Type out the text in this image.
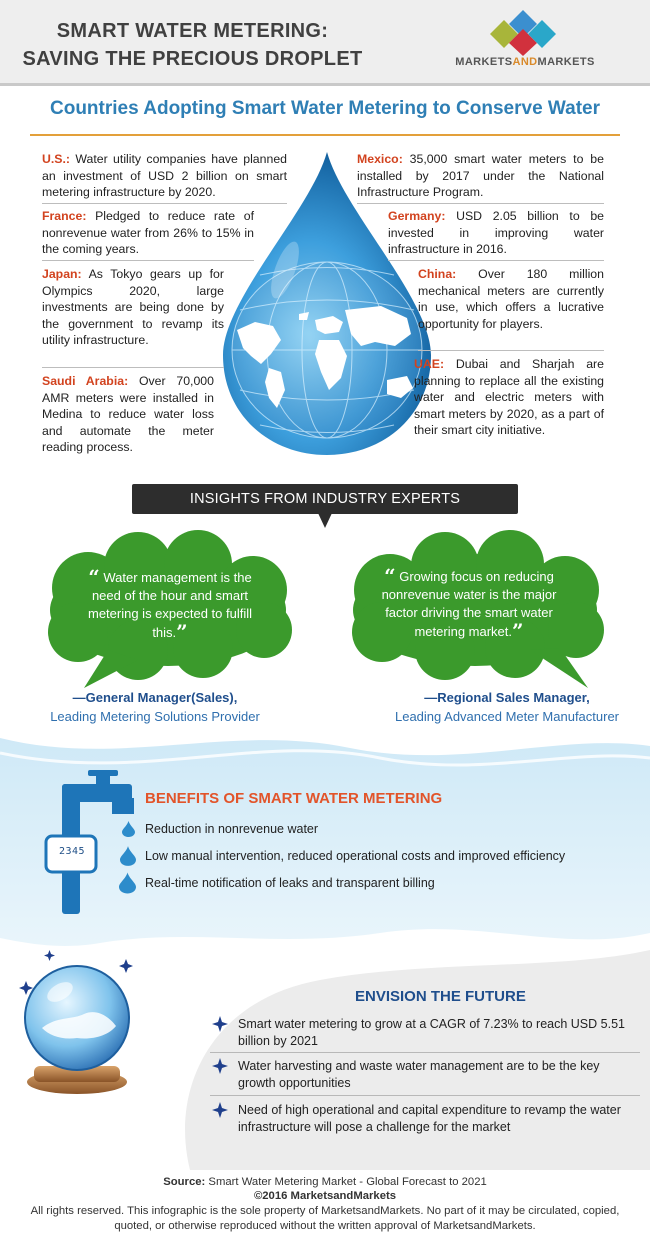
SMART WATER METERING:
SAVING THE PRECIOUS DROPLET	MARKETSANDMARKETS
Countries Adopting Smart Water Metering to Conserve Water
U.S.: Water utility companies have planned an investment of USD 2 billion on smart metering infrastructure by 2020.
France: Pledged to reduce rate of nonrevenue water from 26% to 15% in the coming years.
Japan: As Tokyo gears up for Olympics 2020, large investments are being done by the government to revamp its utility infrastructure.
Saudi Arabia: Over 70,000 AMR meters were installed in Medina to reduce water loss and automate the meter reading process.
Mexico: 35,000 smart water meters to be installed by 2017 under the National Infrastructure Program.
Germany: USD 2.05 billion to be invested in improving water infrastructure in 2016.
China: Over 180 million mechanical meters are currently in use, which offers a lucrative opportunity for players.
UAE: Dubai and Sharjah are planning to replace all the existing water and electric meters with smart meters by 2020, as a part of their smart city initiative.
INSIGHTS FROM INDUSTRY EXPERTS
“ Water management is the need of the hour and smart metering is expected to fulfill this.”
“ Growing focus on reducing nonrevenue water is the major factor driving the smart water metering market.”
—General Manager(Sales),
Leading Metering Solutions Provider
—Regional Sales Manager,
Leading Advanced Meter Manufacturer
2345
BENEFITS OF SMART WATER METERING
Reduction in nonrevenue water
Low manual intervention, reduced operational costs and improved efficiency
Real-time notification of leaks and transparent billing
ENVISION THE FUTURE
Smart water metering to grow at a CAGR of 7.23% to reach USD 5.51 billion by 2021
Water harvesting and waste water management are to be the key growth opportunities
Need of high operational and capital expenditure to revamp the water infrastructure will pose a challenge for the market
Source: Smart Water Metering Market - Global Forecast to 2021
©2016 MarketsandMarkets
All rights reserved. This infographic is the sole property of MarketsandMarkets. No part of it may be circulated, copied, quoted, or otherwise reproduced without the written approval of MarketsandMarkets.
